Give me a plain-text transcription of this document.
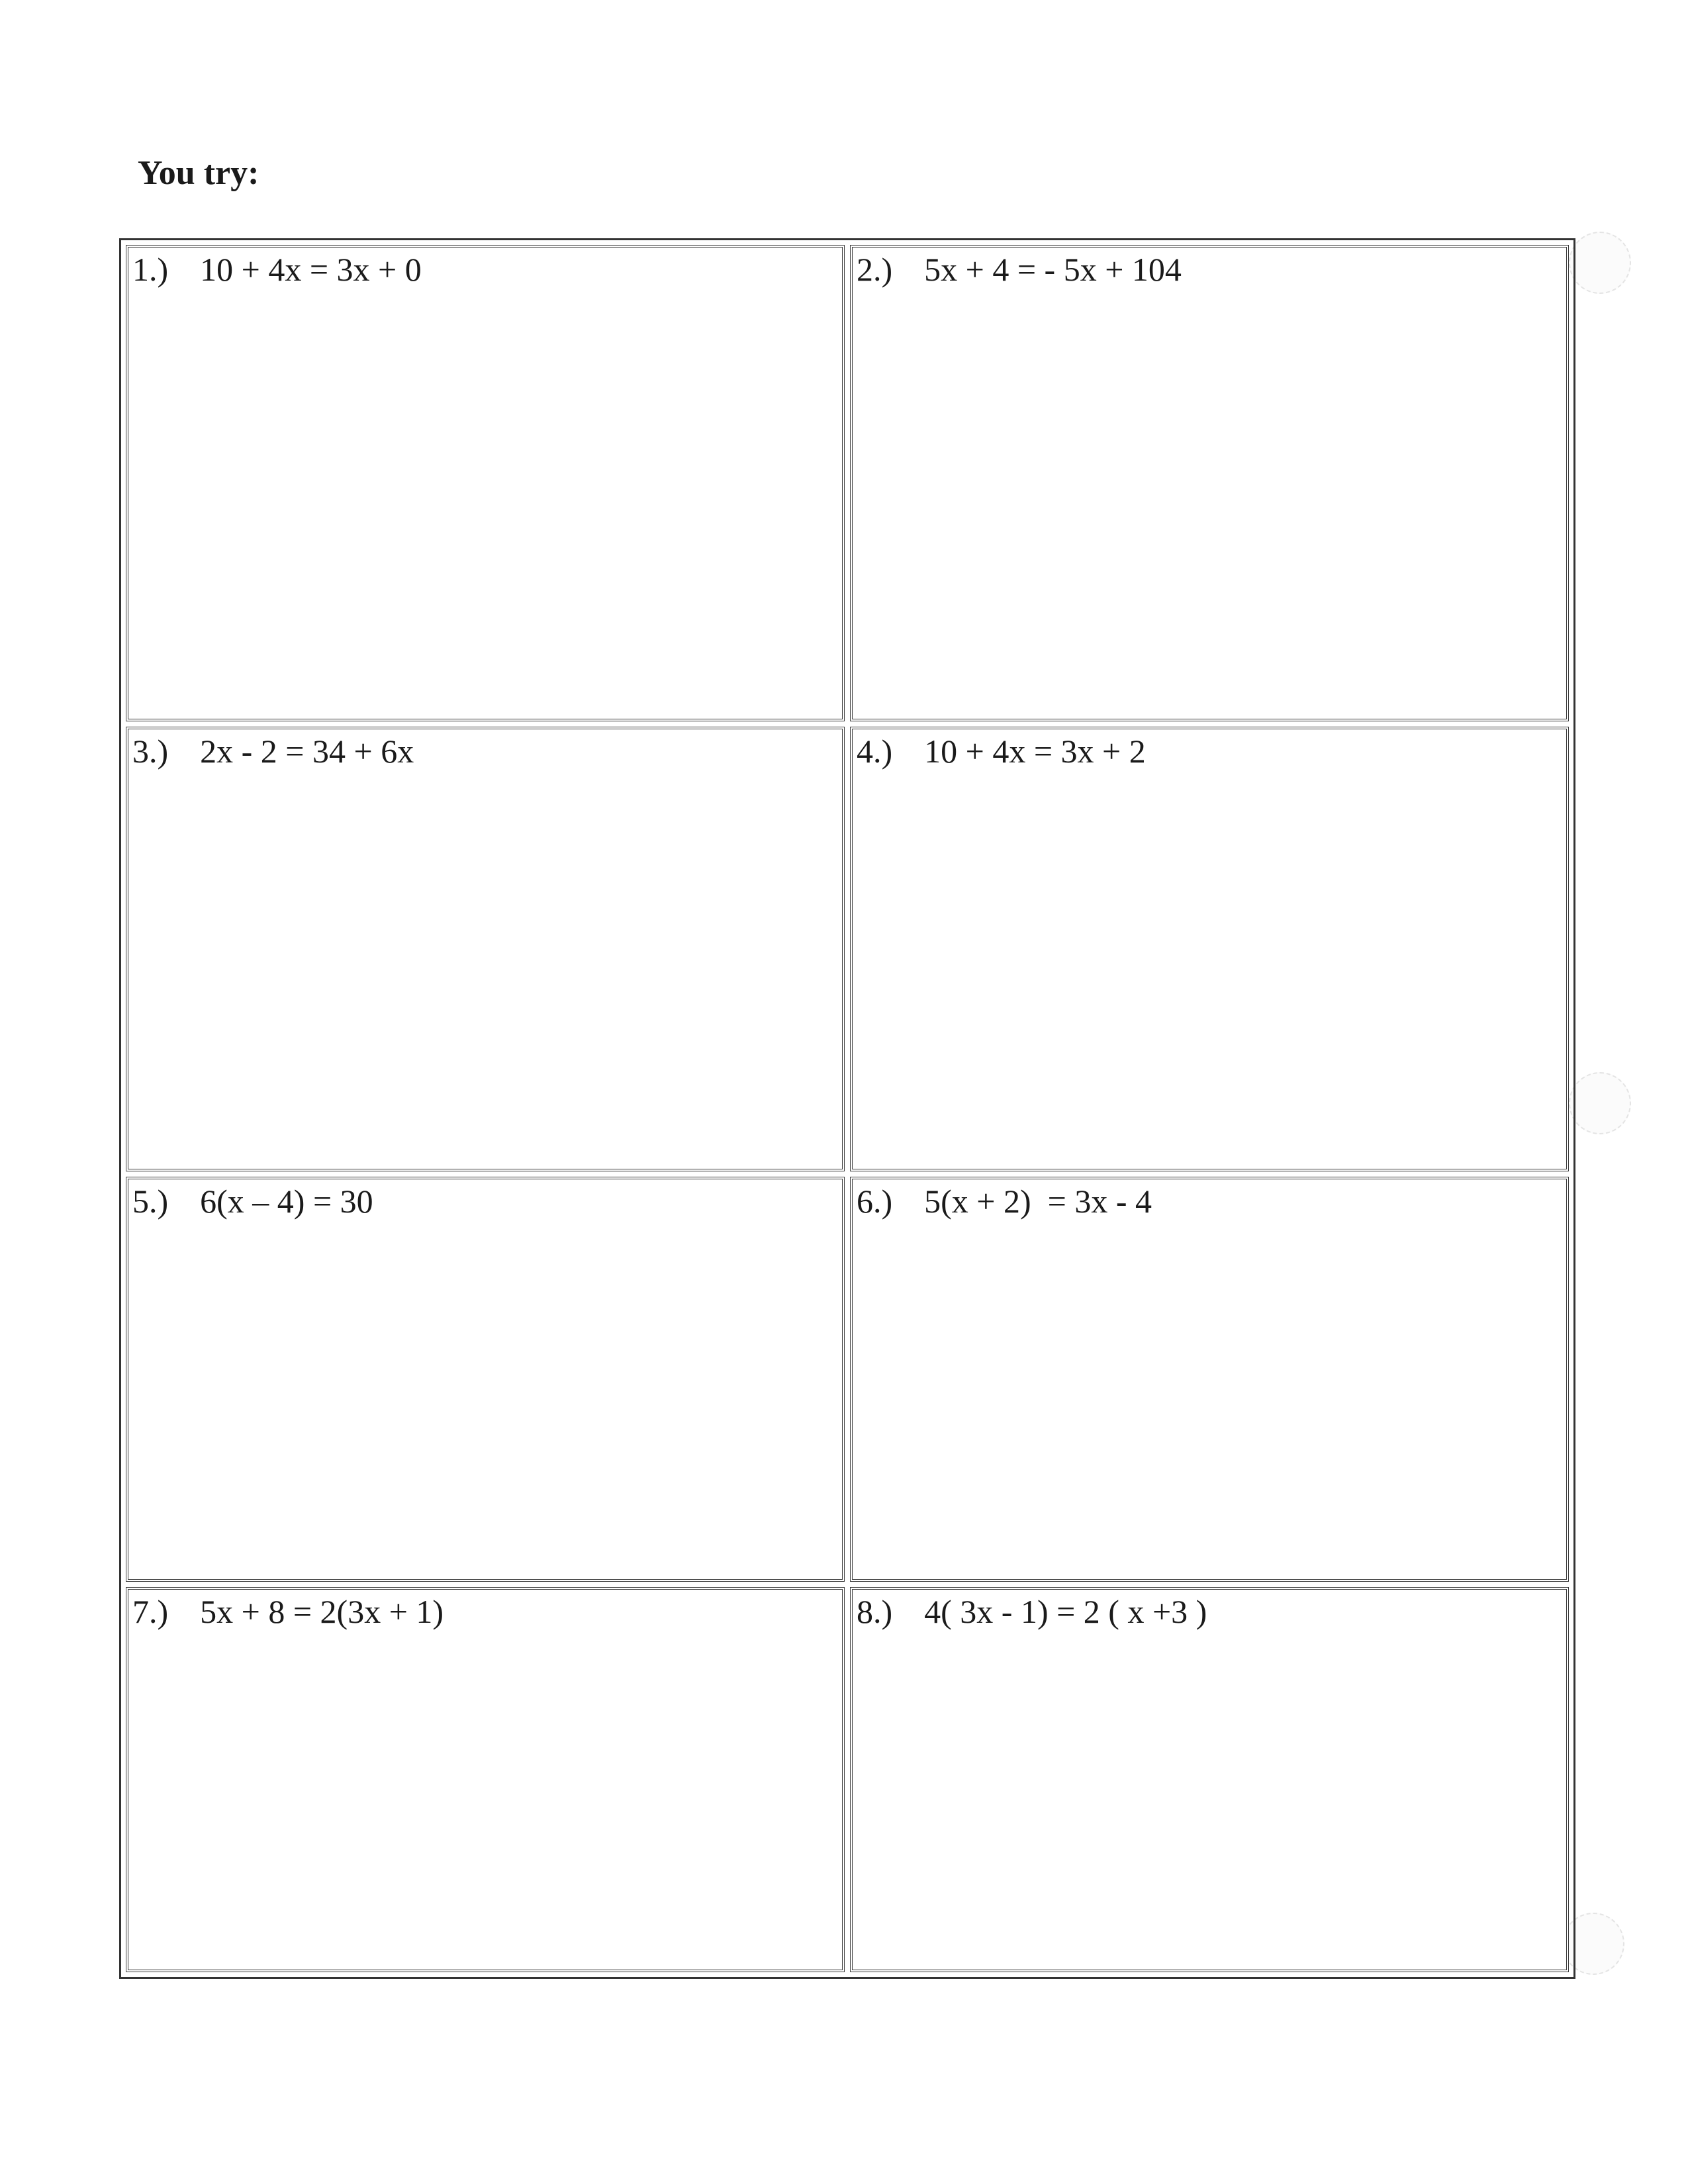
You try:
1.) 10 + 4x = 3x + 0	2.) 5x + 4 = - 5x + 104
3.) 2x - 2 = 34 + 6x	4.) 10 + 4x = 3x + 2
5.) 6(x – 4) = 30	6.) 5(x + 2)  = 3x - 4
7.) 5x + 8 = 2(3x + 1)	8.) 4( 3x - 1) = 2 ( x +3 )
